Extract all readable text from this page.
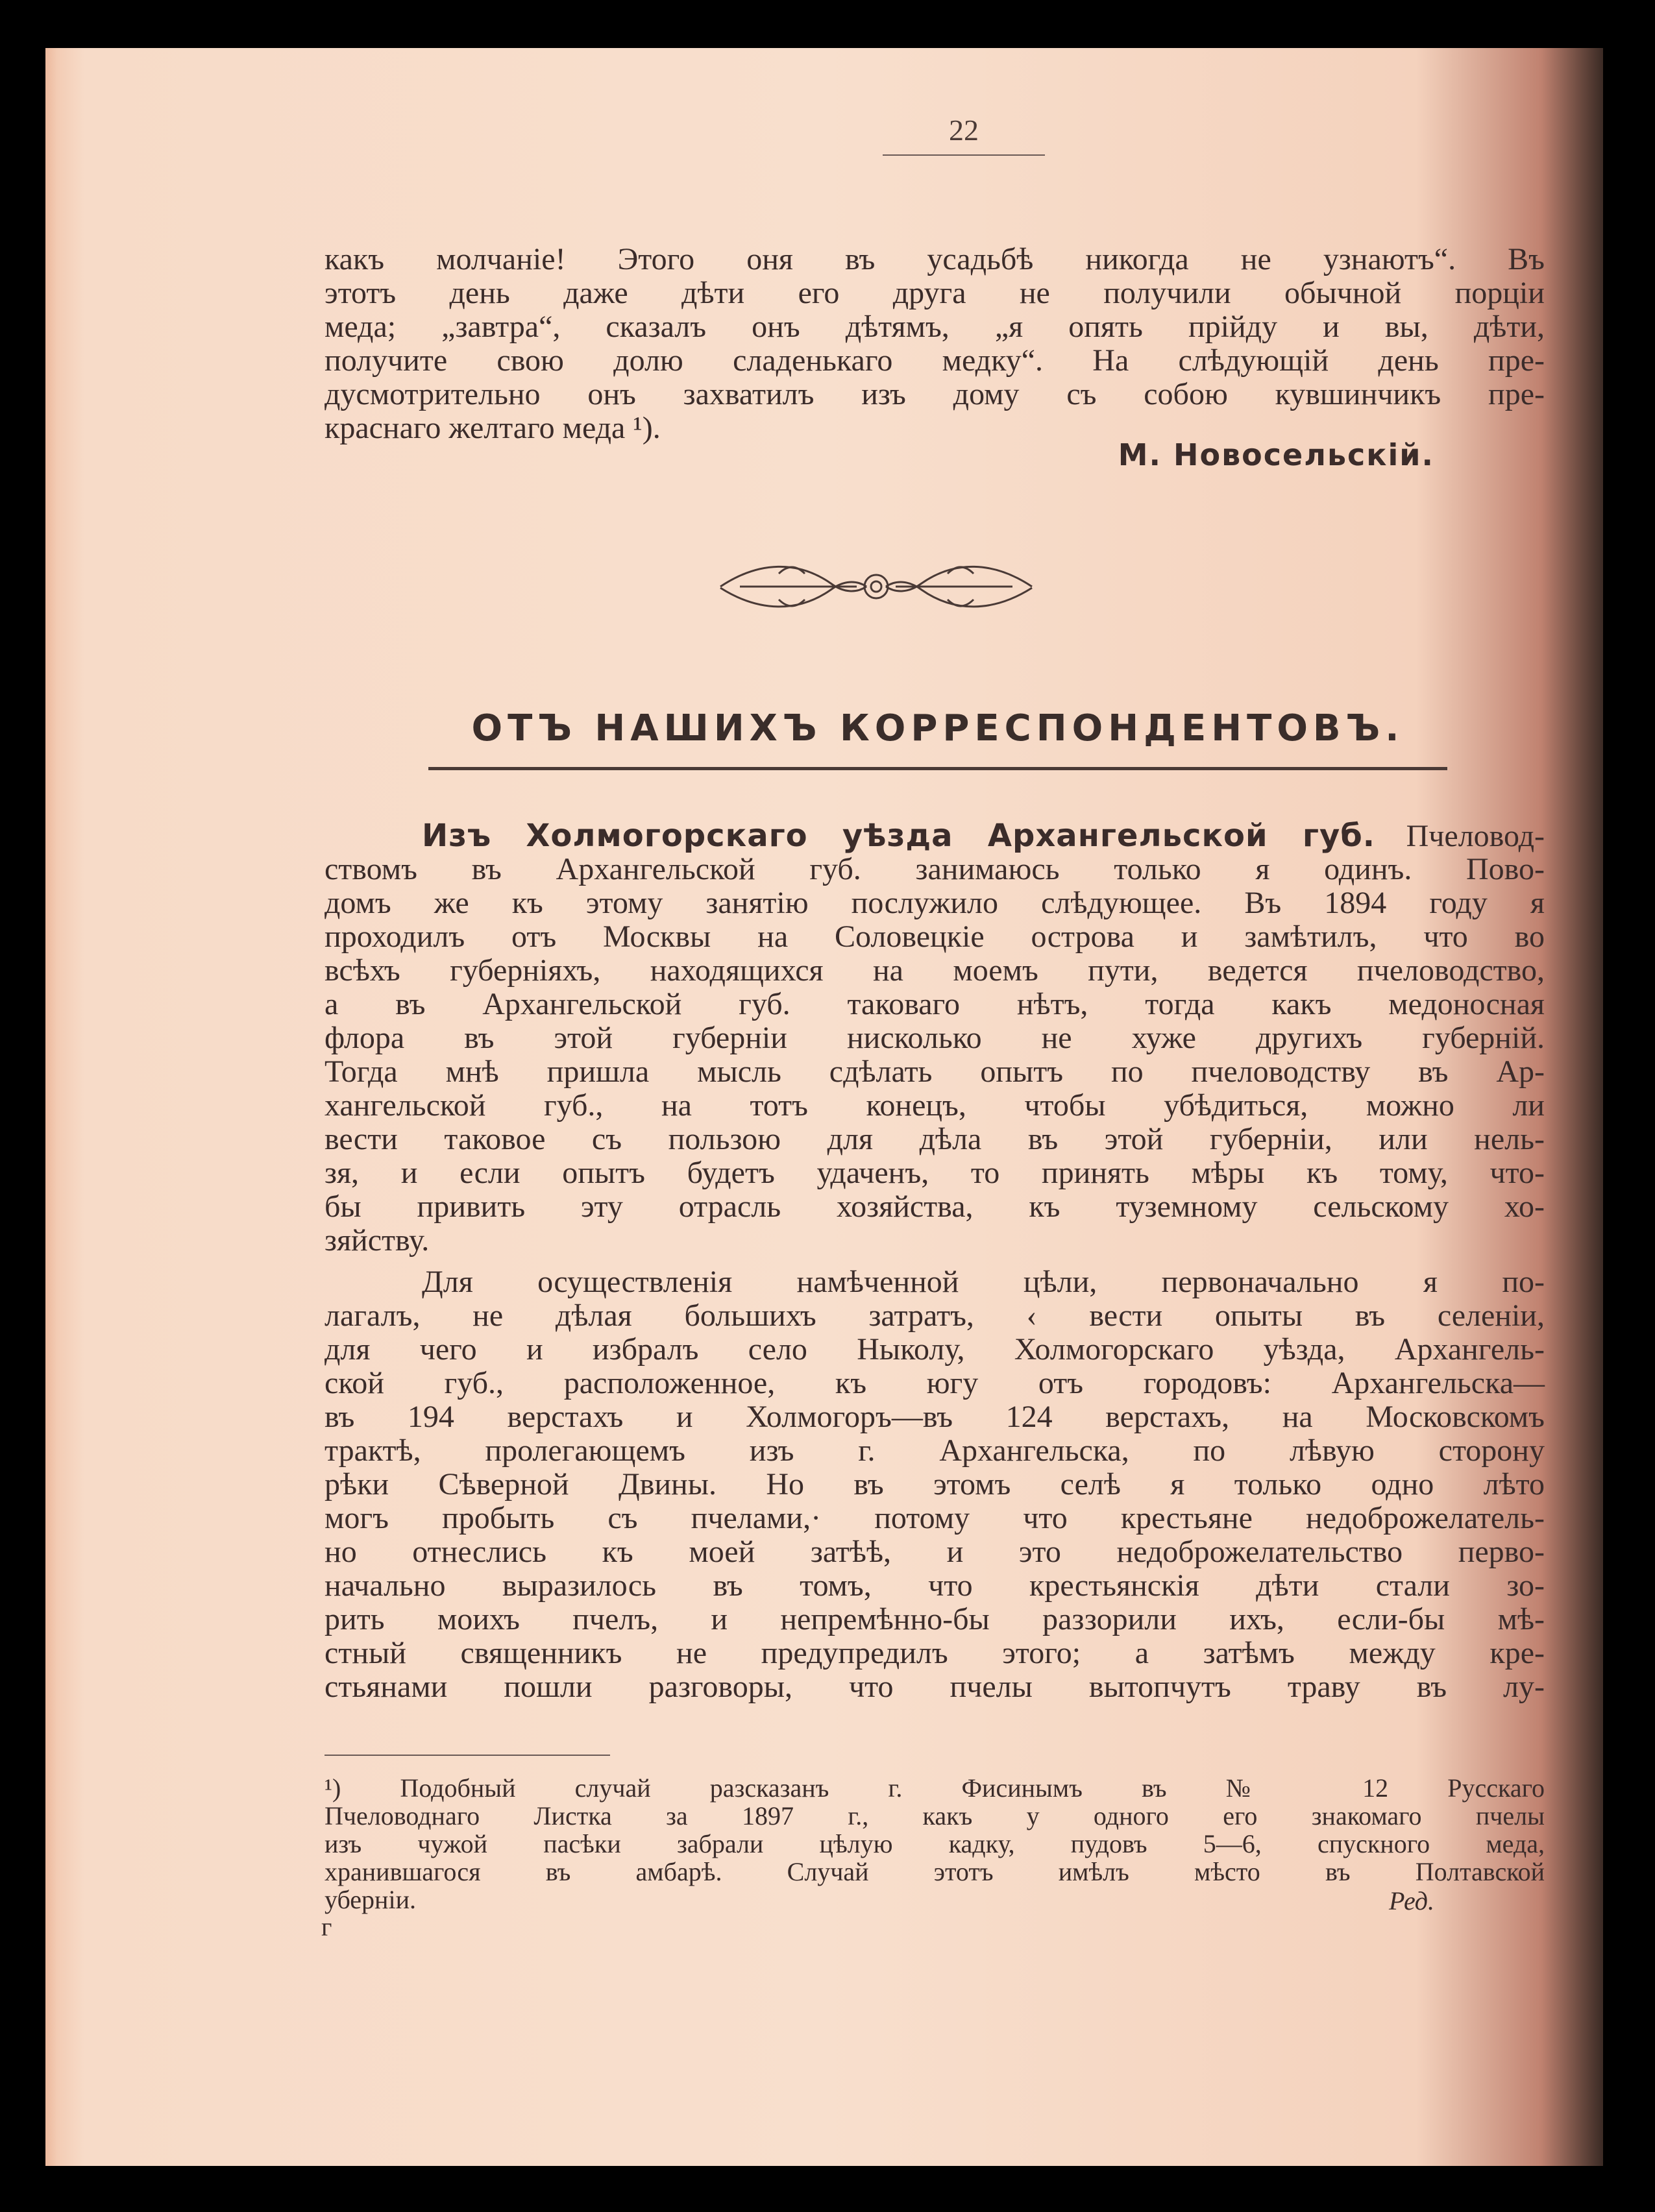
22
какъ молчаніе! Этого оня въ усадьбѣ никогда не узнаютъ“. Въ
этотъ день даже дѣти его друга не получили обычной порціи
меда; „завтра“, сказалъ онъ дѣтямъ, „я опять прійду и вы, дѣти,
получите свою долю сладенькаго медку“. На слѣдующій день пре-
дусмотрительно онъ захватилъ изъ дому съ собою кувшинчикъ пре-
краснаго желтаго меда ¹).
М. Новосельскій.
ОТЪ НАШИХЪ КОРРЕСПОНДЕНТОВЪ.
Изъ Холмогорскаго уѣзда Архангельской губ. Пчеловод-
ствомъ въ Архангельской губ. занимаюсь только я одинъ. Пово-
домъ же къ этому занятію послужило слѣдующее. Въ 1894 году я
проходилъ отъ Москвы на Соловецкіе острова и замѣтилъ, что во
всѣхъ губерніяхъ, находящихся на моемъ пути, ведется пчеловодство,
а въ Архангельской губ. таковаго нѣтъ, тогда какъ медоносная
флора въ этой губерніи нисколько не хуже другихъ губерній.
Тогда мнѣ пришла мысль сдѣлать опытъ по пчеловодству въ Ар-
хангельской губ., на тотъ конецъ, чтобы убѣдиться, можно ли
вести таковое съ пользою для дѣла въ этой губерніи, или нель-
зя, и если опытъ будетъ удаченъ, то принять мѣры къ тому, что-
бы привить эту отрасль хозяйства, къ туземному сельскому хо-
зяйству.
Для осуществленія намѣченной цѣли, первоначально я по-
лагалъ, не дѣлая большихъ затратъ, ‹ вести опыты въ селеніи,
для чего и избралъ село Ныколу, Холмогорскаго уѣзда, Архангель-
ской губ., расположенное, къ югу отъ городовъ: Архангельска—
въ 194 верстахъ и Холмогоръ—въ 124 верстахъ, на Московскомъ
трактѣ, пролегающемъ изъ г. Архангельска, по лѣвую сторону
рѣки Сѣверной Двины. Но въ этомъ селѣ я только одно лѣто
могъ пробыть съ пчелами,· потому что крестьяне недоброжелатель-
но отнеслись къ моей затѣѣ, и это недоброжелательство перво-
начально выразилось въ томъ, что крестьянскія дѣти стали зо-
рить моихъ пчелъ, и непремѣнно-бы раззорили ихъ, если-бы мѣ-
стный священникъ не предупредилъ этого; а затѣмъ между кре-
стьянами пошли разговоры, что пчелы вытопчутъ траву въ лу-
¹) Подобный случай разсказанъ г. Фисинымъ въ № 12 Русскаго
Пчеловоднаго Листка за 1897 г., какъ у одного его знакомаго пчелы
изъ чужой пасѣки забрали цѣлую кадку, пудовъ 5—6, спускного меда,
хранившагося въ амбарѣ. Случай этотъ имѣлъ мѣсто въ Полтавской
уберніи.	Ред.
г
